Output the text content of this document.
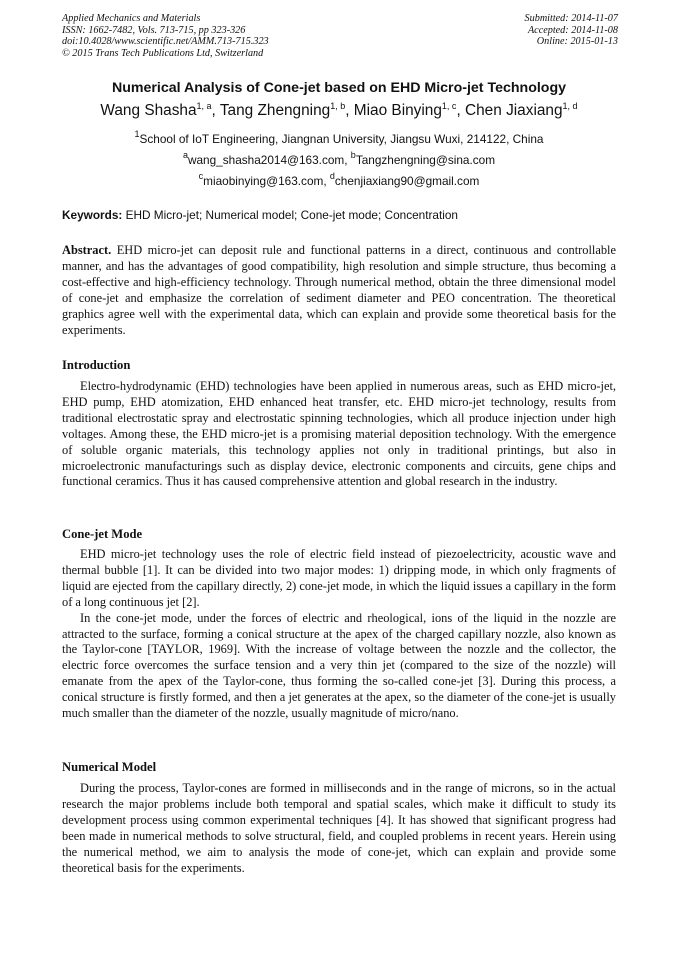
Applied Mechanics and Materials
ISSN: 1662-7482, Vols. 713-715, pp 323-326
doi:10.4028/www.scientific.net/AMM.713-715.323
© 2015 Trans Tech Publications Ltd, Switzerland
Submitted: 2014-11-07
Accepted: 2014-11-08
Online: 2015-01-13
Numerical Analysis of Cone-jet based on EHD Micro-jet Technology
Wang Shasha$^{1, a}$, Tang Zhengning$^{1, b}$, Miao Binying$^{1, c}$, Chen Jiaxiang$^{1, d}$
$^1$School of IoT Engineering, Jiangnan University, Jiangsu Wuxi, 214122, China
$^a$wang_shasha2014@163.com, $^b$Tangzhengning@sina.com
$^c$miaobinying@163.com, $^d$chenjiaxiang90@gmail.com
Keywords: EHD Micro-jet; Numerical model; Cone-jet mode; Concentration

Abstract. EHD micro-jet can deposit rule and functional patterns in a direct, continuous and controllable manner, and has the advantages of good compatibility, high resolution and simple structure, thus becoming a cost-effective and high-efficiency technology. Through numerical method, obtain the three dimensional model of cone-jet and emphasize the correlation of sediment diameter and PEO concentration. The theoretical graphics agree well with the experimental data, which can explain and provide some theoretical basis for the experiments.

Introduction

Electro-hydrodynamic (EHD) technologies have been applied in numerous areas, such as EHD micro-jet, EHD pump, EHD atomization, EHD enhanced heat transfer, etc. EHD micro-jet technology, results from traditional electrostatic spray and electrostatic spinning technologies, which all produce injection under high voltages. Among these, the EHD micro-jet is a promising material deposition technology. With the emergence of soluble organic materials, this technology applies not only in traditional printings, but also in microelectronic manufacturings such as display device, electronic components and circuits, gene chips and functional ceramics. Thus it has caused comprehensive attention and global research in the industry.

Cone-jet Mode

EHD micro-jet technology uses the role of electric field instead of piezoelectricity, acoustic wave and thermal bubble [1]. It can be divided into two major modes: 1) dripping mode, in which only fragments of liquid are ejected from the capillary directly, 2) cone-jet mode, in which the liquid issues a capillary in the form of a long continuous jet [2].

In the cone-jet mode, under the forces of electric and rheological, ions of the liquid in the nozzle are attracted to the surface, forming a conical structure at the apex of the charged capillary nozzle, also known as the Taylor-cone [TAYLOR, 1969]. With the increase of voltage between the nozzle and the collector, the electric force overcomes the surface tension and a very thin jet (compared to the size of the nozzle) will emanate from the apex of the Taylor-cone, thus forming the so-called cone-jet [3]. During this process, a conical structure is firstly formed, and then a jet generates at the apex, so the diameter of the cone-jet is usually much smaller than the diameter of the nozzle, usually magnitude of micro/nano.

Numerical Model

During the process, Taylor-cones are formed in milliseconds and in the range of microns, so in the actual research the major problems include both temporal and spatial scales, which make it difficult to study its development process using common experimental techniques [4]. It has showed that significant progress had been made in numerical methods to solve structural, field, and coupled problems in recent years. Herein using the numerical method, we aim to analysis the mode of cone-jet, which can explain and provide some theoretical basis for the experiments.
